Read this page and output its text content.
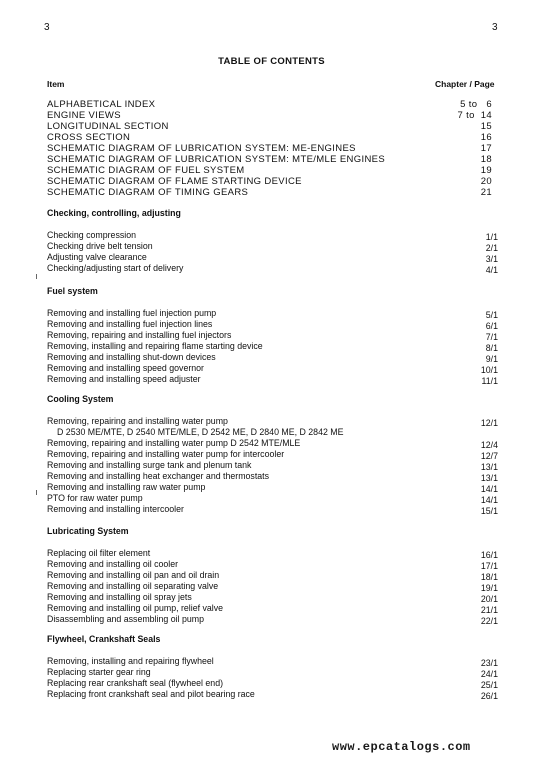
3	3
TABLE OF CONTENTS
Item	Chapter / Page
ALPHABETICAL INDEX	5 to   6
ENGINE VIEWS	7 to  14
LONGITUDINAL SECTION	15
CROSS SECTION	16
SCHEMATIC DIAGRAM OF LUBRICATION SYSTEM: ME-ENGINES	17
SCHEMATIC DIAGRAM OF LUBRICATION SYSTEM: MTE/MLE ENGINES	18
SCHEMATIC DIAGRAM OF FUEL SYSTEM	19
SCHEMATIC DIAGRAM OF FLAME STARTING DEVICE	20
SCHEMATIC DIAGRAM OF TIMING GEARS	21
Checking, controlling, adjusting
Checking compression	1/1
Checking drive belt tension	2/1
Adjusting valve clearance	3/1
Checking/adjusting start of delivery	4/1
Fuel system
Removing and installing fuel injection pump	5/1
Removing and installing fuel injection lines	6/1
Removing, repairing and installing fuel injectors	7/1
Removing, installing and repairing flame starting device	8/1
Removing and installing shut-down devices	9/1
Removing and installing speed governor	10/1
Removing and installing speed adjuster	11/1
Cooling System
Removing, repairing and installing water pump	12/1
D 2530 ME/MTE, D 2540 MTE/MLE, D 2542 ME, D 2840 ME, D 2842 ME
Removing, repairing and installing water pump D 2542 MTE/MLE	12/4
Removing, repairing and installing water pump for intercooler	12/7
Removing and installing surge tank and plenum tank	13/1
Removing and installing heat exchanger and thermostats	13/1
Removing and installing raw water pump	14/1
PTO for raw water pump	14/1
Removing and installing intercooler	15/1
Lubricating System
Replacing oil filter element	16/1
Removing and installing oil cooler	17/1
Removing and installing oil pan and oil drain	18/1
Removing and installing oil separating valve	19/1
Removing and installing oil spray jets	20/1
Removing and installing oil pump, relief valve	21/1
Disassembling and assembling oil pump	22/1
Flywheel, Crankshaft Seals
Removing, installing and repairing flywheel	23/1
Replacing starter gear ring	24/1
Replacing rear crankshaft seal (flywheel end)	25/1
Replacing front crankshaft seal and pilot bearing race	26/1
www.epcatalogs.com
